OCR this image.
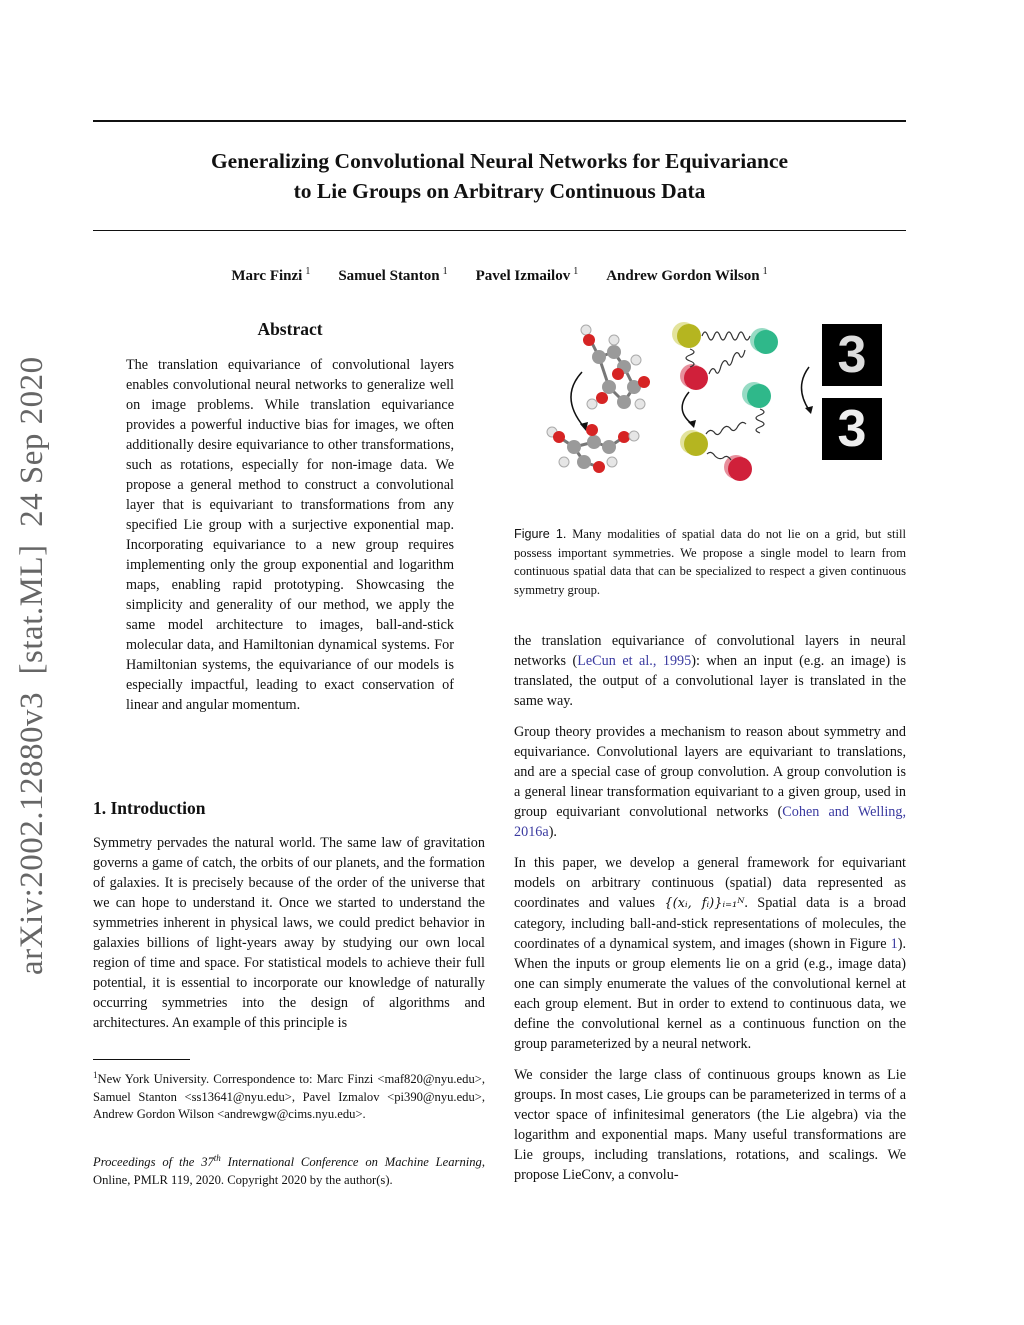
Generalizing Convolutional Neural Networks for Equivariance
to Lie Groups on Arbitrary Continuous Data
Marc Finzi $^1$ Samuel Stanton $^1$ Pavel Izmailov $^1$ Andrew Gordon Wilson $^1$
arXiv:2002.12880v3  [stat.ML]  24 Sep 2020
Abstract
The translation equivariance of convolutional layers enables convolutional neural networks to generalize well on image problems. While translation equivariance provides a powerful inductive bias for images, we often additionally desire equivariance to other transformations, such as rotations, especially for non-image data. We propose a general method to construct a convolutional layer that is equivariant to transformations from any specified Lie group with a surjective exponential map. Incorporating equivariance to a new group requires implementing only the group exponential and logarithm maps, enabling rapid prototyping. Showcasing the simplicity and generality of our method, we apply the same model architecture to images, ball-and-stick molecular data, and Hamiltonian dynamical systems. For Hamiltonian systems, the equivariance of our models is especially impactful, leading to exact conservation of linear and angular momentum.
1. Introduction
Symmetry pervades the natural world. The same law of gravitation governs a game of catch, the orbits of our planets, and the formation of galaxies. It is precisely because of the order of the universe that we can hope to understand it. Once we started to understand the symmetries inherent in physical laws, we could predict behavior in galaxies billions of light-years away by studying our own local region of time and space. For statistical models to achieve their full potential, it is essential to incorporate our knowledge of naturally occurring symmetries into the design of algorithms and architectures. An example of this principle is
$^1$New York University. Correspondence to: Marc Finzi <maf820@nyu.edu>, Samuel Stanton <ss13641@nyu.edu>, Pavel Izmalov <pi390@nyu.edu>, Andrew Gordon Wilson <andrewgw@cims.nyu.edu>.
Proceedings of the 37th International Conference on Machine Learning, Online, PMLR 119, 2020. Copyright 2020 by the author(s).
3
3
Figure 1. Many modalities of spatial data do not lie on a grid, but still possess important symmetries. We propose a single model to learn from continuous spatial data that can be specialized to respect a given continuous symmetry group.

the translation equivariance of convolutional layers in neural networks (LeCun et al., 1995): when an input (e.g. an image) is translated, the output of a convolutional layer is translated in the same way.

Group theory provides a mechanism to reason about symmetry and equivariance. Convolutional layers are equivariant to translations, and are a special case of group convolution. A group convolution is a general linear transformation equivariant to a given group, used in group equivariant convolutional networks (Cohen and Welling, 2016a).

In this paper, we develop a general framework for equivariant models on arbitrary continuous (spatial) data represented as coordinates and values {(xᵢ, fᵢ)}ᵢ₌₁ᴺ. Spatial data is a broad category, including ball-and-stick representations of molecules, the coordinates of a dynamical system, and images (shown in Figure 1). When the inputs or group elements lie on a grid (e.g., image data) one can simply enumerate the values of the convolutional kernel at each group element. But in order to extend to continuous data, we define the convolutional kernel as a continuous function on the group parameterized by a neural network.

We consider the large class of continuous groups known as Lie groups. In most cases, Lie groups can be parameterized in terms of a vector space of infinitesimal generators (the Lie algebra) via the logarithm and exponential maps. Many useful transformations are Lie groups, including translations, rotations, and scalings. We propose LieConv, a convolu-
